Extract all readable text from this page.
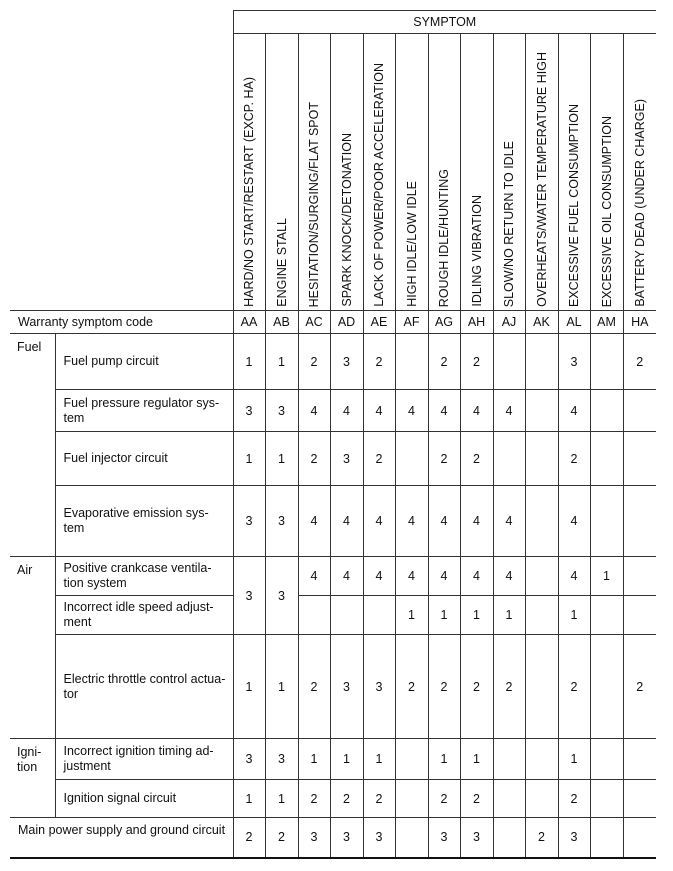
		SYMPTOM												
		HARD/NO START/RESTART (EXCP. HA)	ENGINE STALL	HESITATION/SURGING/FLAT SPOT	SPARK KNOCK/DETONATION	LACK OF POWER/POOR ACCELERATION	HIGH IDLE/LOW IDLE	ROUGH IDLE/HUNTING	IDLING VIBRATION	SLOW/NO RETURN TO IDLE	OVERHEATS/WATER TEMPERATURE HIGH	EXCESSIVE FUEL CONSUMPTION	EXCESSIVE OIL CONSUMPTION	BATTERY DEAD (UNDER CHARGE)
Warranty symptom code		AA	AB	AC	AD	AE	AF	AG	AH	AJ	AK	AL	AM	HA
Fuel	Fuel pump circuit	1	1	2	3	2		2	2			3		2
	Fuel pressure regulator sys-
tem	3	3	4	4	4	4	4	4	4		4		
	Fuel injector circuit	1	1	2	3	2		2	2			2		
	Evaporative emission sys-
tem	3	3	4	4	4	4	4	4	4		4		
Air	Positive crankcase ventila-
tion system	3	3	4	4	4	4	4	4	4		4	1	
	Incorrect idle speed adjust-
ment						1	1	1	1		1		
	Electric throttle control actua-
tor	1	1	2	3	3	2	2	2	2		2		2
Igni-
tion	Incorrect ignition timing ad-
justment	3	3	1	1	1		1	1			1		
	Ignition signal circuit	1	1	2	2	2		2	2			2		
Main power supply and ground circuit		2	2	3	3	3		3	3		2	3		
